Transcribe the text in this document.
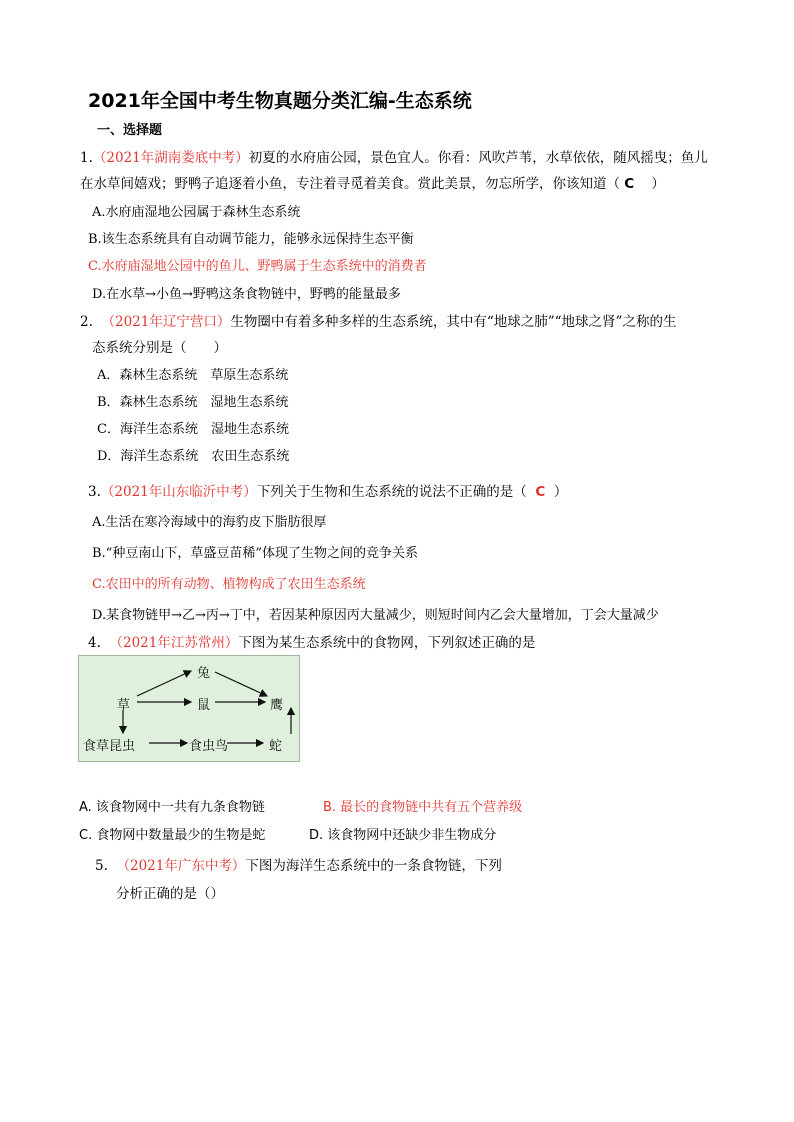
2021年全国中考生物真题分类汇编-生态系统
一、选择题
1.（2021年湖南娄底中考）初夏的水府庙公园，景色宜人。你看：风吹芦苇，水草依依，随风摇曳；鱼儿
在水草间嬉戏；野鸭子追逐着小鱼，专注着寻觅着美食。赏此美景，勿忘所学，你该知道（ C ）
A.水府庙湿地公园属于森林生态系统
B.该生态系统具有自动调节能力，能够永远保持生态平衡
C.水府庙湿地公园中的鱼儿、野鸭属于生态系统中的消费者
D.在水草→小鱼→野鸭这条食物链中，野鸭的能量最多
2. （2021年辽宁营口）生物圈中有着多种多样的生态系统，其中有“地球之肺”“地球之肾”之称的生
态系统分别是（　　）
A．森林生态系统　草原生态系统
B．森林生态系统　湿地生态系统
C．海洋生态系统　湿地生态系统
D．海洋生态系统　农田生态系统
3.（2021年山东临沂中考）下列关于生物和生态系统的说法不正确的是（ C ）
A.生活在寒冷海域中的海豹皮下脂肪很厚
B.“种豆南山下，草盛豆苗稀”体现了生物之间的竞争关系
C.农田中的所有动物、植物构成了农田生态系统
D.某食物链甲→乙→丙→丁中，若因某种原因丙大量减少，则短时间内乙会大量增加，丁会大量减少
4. （2021年江苏常州）下图为某生态系统中的食物网，下列叙述正确的是
草
兔
鼠	鹰
食草昆虫	食虫鸟	蛇
A. 该食物网中一共有九条食物链	B. 最长的食物链中共有五个营养级
C. 食物网中数量最少的生物是蛇	D. 该食物网中还缺少非生物成分
5. （2021年广东中考）下图为海洋生态系统中的一条食物链，下列
分析正确的是（）
